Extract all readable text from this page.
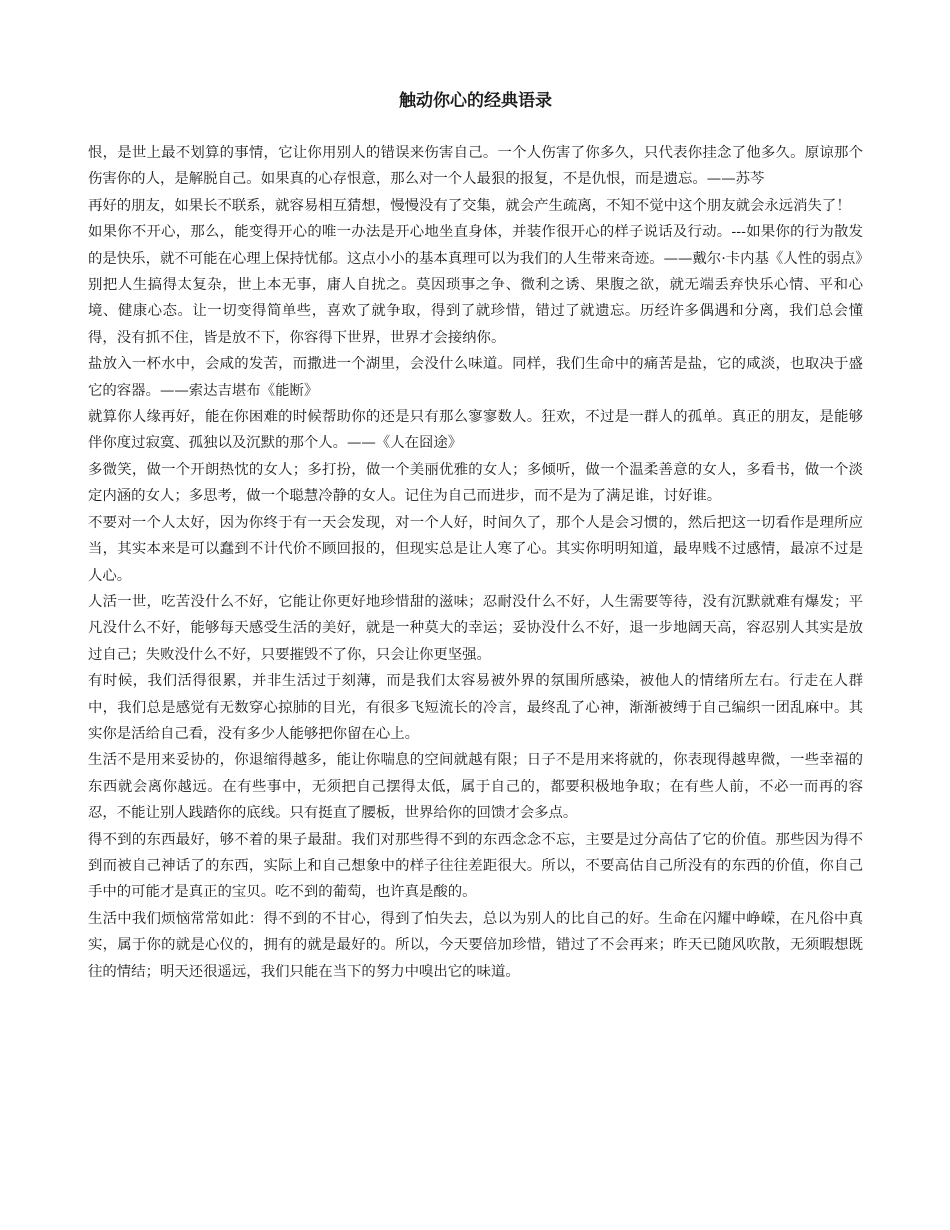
触动你心的经典语录

恨，是世上最不划算的事情，它让你用别人的错误来伤害自己。一个人伤害了你多久，只代表你挂念了他多久。原谅那个伤害你的人，是解脱自己。如果真的心存恨意，那么对一个人最狠的报复，不是仇恨，而是遗忘。——苏芩

再好的朋友，如果长不联系，就容易相互猜想，慢慢没有了交集，就会产生疏离，不知不觉中这个朋友就会永远消失了！

如果你不开心，那么，能变得开心的唯一办法是开心地坐直身体，并装作很开心的样子说话及行动。---如果你的行为散发的是快乐，就不可能在心理上保持忧郁。这点小小的基本真理可以为我们的人生带来奇迹。——戴尔·卡内基《人性的弱点》

别把人生搞得太复杂，世上本无事，庸人自扰之。莫因琐事之争、微利之诱、果腹之欲，就无端丢弃快乐心情、平和心境、健康心态。让一切变得简单些，喜欢了就争取，得到了就珍惜，错过了就遗忘。历经许多偶遇和分离，我们总会懂得，没有抓不住，皆是放不下，你容得下世界，世界才会接纳你。

盐放入一杯水中，会咸的发苦，而撒进一个湖里，会没什么味道。同样，我们生命中的痛苦是盐，它的咸淡，也取决于盛它的容器。——索达吉堪布《能断》

就算你人缘再好，能在你困难的时候帮助你的还是只有那么寥寥数人。狂欢，不过是一群人的孤单。真正的朋友，是能够伴你度过寂寞、孤独以及沉默的那个人。——《人在囧途》

多微笑，做一个开朗热忱的女人；多打扮，做一个美丽优雅的女人；多倾听，做一个温柔善意的女人，多看书，做一个淡定内涵的女人；多思考，做一个聪慧冷静的女人。记住为自己而进步，而不是为了满足谁，讨好谁。

不要对一个人太好，因为你终于有一天会发现，对一个人好，时间久了，那个人是会习惯的，然后把这一切看作是理所应当，其实本来是可以蠢到不计代价不顾回报的，但现实总是让人寒了心。其实你明明知道，最卑贱不过感情，最凉不过是人心。

人活一世，吃苦没什么不好，它能让你更好地珍惜甜的滋味；忍耐没什么不好，人生需要等待，没有沉默就难有爆发；平凡没什么不好，能够每天感受生活的美好，就是一种莫大的幸运；妥协没什么不好，退一步地阔天高，容忍别人其实是放过自己；失败没什么不好，只要摧毁不了你，只会让你更坚强。

有时候，我们活得很累，并非生活过于刻薄，而是我们太容易被外界的氛围所感染，被他人的情绪所左右。行走在人群中，我们总是感觉有无数穿心掠肺的目光，有很多飞短流长的冷言，最终乱了心神，渐渐被缚于自己编织一团乱麻中。其实你是活给自己看，没有多少人能够把你留在心上。

生活不是用来妥协的，你退缩得越多，能让你喘息的空间就越有限；日子不是用来将就的，你表现得越卑微，一些幸福的东西就会离你越远。在有些事中，无须把自己摆得太低，属于自己的，都要积极地争取；在有些人前，不必一而再的容忍，不能让别人践踏你的底线。只有挺直了腰板，世界给你的回馈才会多点。

得不到的东西最好，够不着的果子最甜。我们对那些得不到的东西念念不忘，主要是过分高估了它的价值。那些因为得不到而被自己神话了的东西，实际上和自己想象中的样子往往差距很大。所以，不要高估自己所没有的东西的价值，你自己手中的可能才是真正的宝贝。吃不到的葡萄，也许真是酸的。

生活中我们烦恼常常如此：得不到的不甘心，得到了怕失去，总以为别人的比自己的好。生命在闪耀中峥嵘，在凡俗中真实，属于你的就是心仪的，拥有的就是最好的。所以，今天要倍加珍惜，错过了不会再来；昨天已随风吹散，无须暇想既往的情结；明天还很遥远，我们只能在当下的努力中嗅出它的味道。
